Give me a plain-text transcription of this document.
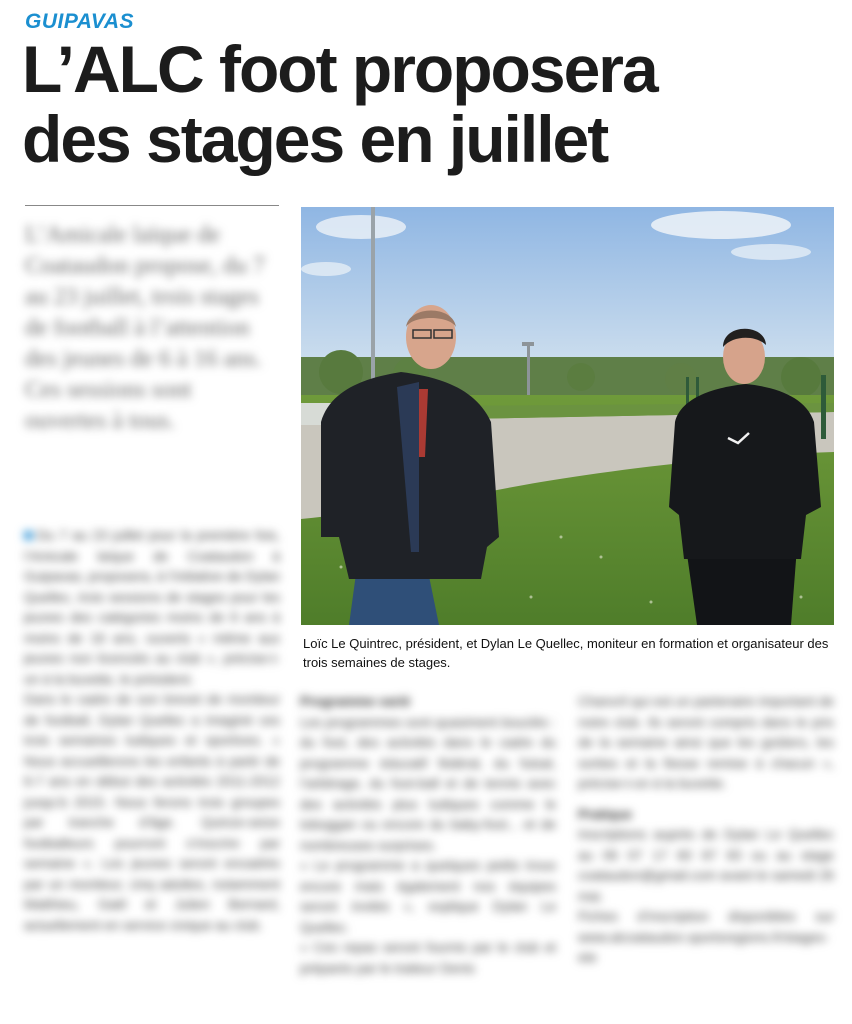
GUIPAVAS
L’ALC foot proposera des stages en juillet
L’Amicale laïque de Coataudon propose, du 7 au 23 juillet, trois stages de football à l’attention des jeunes de 6 à 16 ans. Ces sessions sont ouvertes à tous.

Du 7 au 23 juillet pour la première fois, l’Amicale laïque de Coataudon à Guipavas, proposera, à l’initiative de Dylan Quellec, trois sessions de stages pour les jeunes des catégories moins de 6 ans à moins de 16 ans, ouverts « même aux jeunes non licenciés au club », précise-t-on à la buvette, le président.

Dans le cadre de son brevet de moniteur de football, Dylan Quellec a imaginé ces trois semaines ludiques et sportives. « Nous accueillerons les enfants à partir de 6-7 ans en début des activités 2011-2012 jusqu’à 2015. Nous ferons trois groupes par tranche d’âge. Quinze-seize footballeurs pourront s’inscrire par semaine ». Les jeunes seront encadrés par un moniteur, cinq adultes, notamment Matthieu, Gaël et Julien Bernard, actuellement en service civique au club.

Loïc Le Quintrec, président, et Dylan Le Quellec, moniteur en formation et organisateur des trois semaines de stages.

Programme varié

Les programmes sont quasiment bouclés : du foot, des activités dans le cadre du programme éducatif fédéral, du futsal, l’arbitrage, du foot-ball et de tennis avec des activités plus ludiques comme le toboggan ou encore du baby-foot... et de nombreuses surprises.

« Le programme a quelques petits trous encore mais également nos équipes seront invités », explique Dylan Le Quellec.

« Ces repas seront fournis par le club et préparés par le traiteur Denis

Chanvril qui est un partenaire important de notre club. Ils seront compris dans le prix de la semaine ainsi que les goûters, les sorties et la fiesse remise à chacun », précise-t-on à la buvette.

Pratique

Inscriptions auprès de Dylan Le Quellec au 06 07 17 60 87 83 ou au stage coataudon@gmail.com avant le samedi 26 mai.

Fiches d’inscription disponibles sur www.alcoataudon.sportsregions.fr/stages-ete
